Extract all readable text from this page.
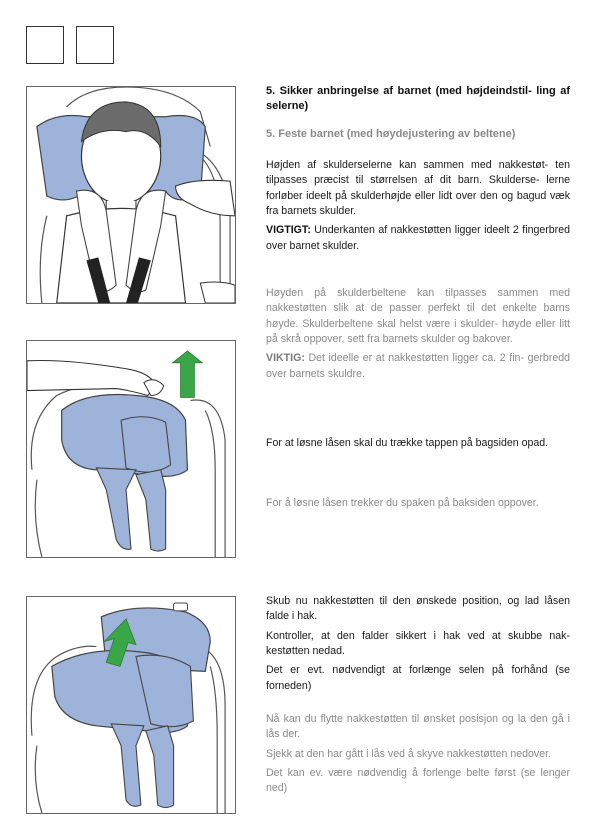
5. Sikker anbringelse af barnet (med højdeindstil- ling af selerne)

5. Feste barnet (med høydejustering av beltene)

Højden af skulderselerne kan sammen med nakkestøt- ten tilpasses præcist til størrelsen af dit barn. Skulderse- lerne forløber ideelt på skulderhøjde eller lidt over den og bagud væk fra barnets skulder.

VIGTIGT: Underkanten af nakkestøtten ligger ideelt 2 fingerbred over barnet skulder.

Høyden på skulderbeltene kan tilpasses sammen med nakkestøtten slik at de passer perfekt til det enkelte barns høyde. Skulderbeltene skal helst være i skulder- høyde eller litt på skrå oppover, sett fra barnets skulder og bakover.

VIKTIG: Det ideelle er at nakkestøtten ligger ca. 2 fin- gerbredd over barnets skuldre.

For at løsne låsen skal du trække tappen på bagsiden opad.

For å løsne låsen trekker du spaken på baksiden oppover.

Skub nu nakkestøtten til den ønskede position, og lad låsen falde i hak.

Kontroller, at den falder sikkert i hak ved at skubbe nak- kestøtten nedad.

Det er evt. nødvendigt at forlænge selen på forhånd (se forneden)

Nå kan du flytte nakkestøtten til ønsket posisjon og la den gå i lås der.

Sjekk at den har gått i lås ved å skyve nakkestøtten nedover.

Det kan ev. være nødvendig å forlenge belte først (se lenger ned)
